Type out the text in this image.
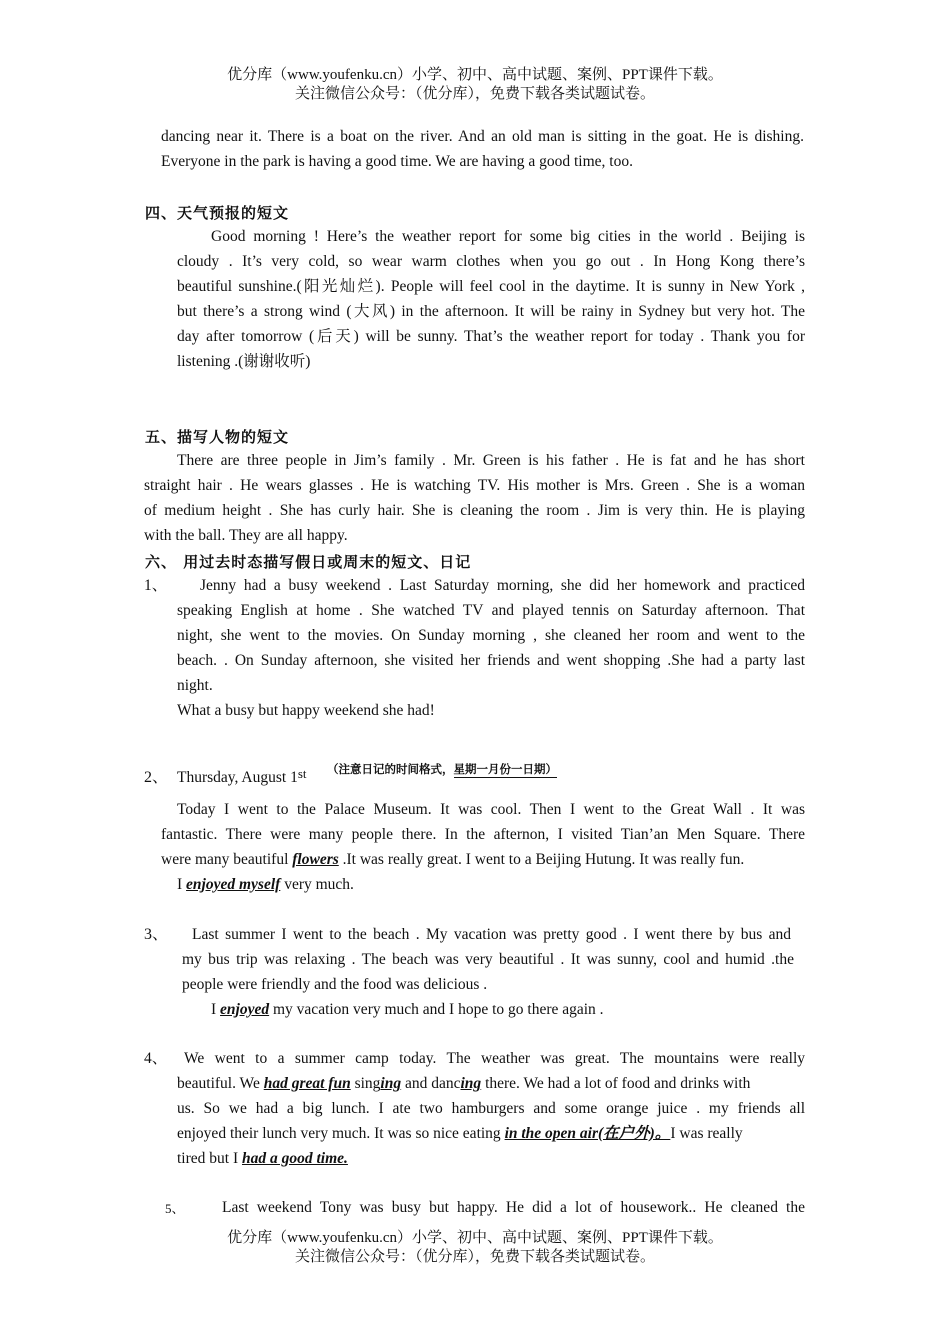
优分库（www.youfenku.cn）小学、初中、高中试题、案例、PPT课件下载。
关注微信公众号：（优分库），免费下载各类试题试卷。
dancing near it. There is a boat on the river. And an old man is sitting in the goat. He is dishing.
Everyone in the park is having a good time. We are having a good time, too.
四、天气预报的短文
Good morning ! Here’s the weather report for some big cities in the world . Beijing is
cloudy . It’s very cold, so wear warm clothes when you go out . In Hong Kong there’s
beautiful sunshine.(阳光灿烂). People will feel cool in the daytime. It is sunny in New York ,
but there’s a strong wind (大风) in the afternoon. It will be rainy in Sydney but very hot. The
day after tomorrow (后天) will be sunny. That’s the weather report for today . Thank you for
listening .(谢谢收听)
五、描写人物的短文
There are three people in Jim’s family . Mr. Green is his father . He is fat and he has short
straight hair . He wears glasses . He is watching TV. His mother is Mrs. Green . She is a woman
of medium height . She has curly hair. She is cleaning the room . Jim is very thin. He is playing
with the ball. They are all happy.
六、 用过去时态描写假日或周末的短文、日记
1、 Jenny had a busy weekend . Last Saturday morning, she did her homework and practiced
speaking English at home . She watched TV and played tennis on Saturday afternoon. That
night, she went to the movies. On Sunday morning , she cleaned her room and went to the
beach. . On Sunday afternoon, she visited her friends and went shopping .She had a party last
night.
What a busy but happy weekend she had!
2、 Thursday, August 1st （注意日记的时间格式，星期一月份一日期）
Today I went to the Palace Museum. It was cool. Then I went to the Great Wall . It was
fantastic. There were many people there. In the afternon, I visited Tian’an Men Square. There
were many beautiful flowers .It was really great. I went to a Beijing Hutung. It was really fun.
I enjoyed myself very much.
3、 Last summer I went to the beach . My vacation was pretty good . I went there by bus and
my bus trip was relaxing . The beach was very beautiful . It was sunny, cool and humid .the
people were friendly and the food was delicious .
I enjoyed my vacation very much and I hope to go there again .
4、 We went to a summer camp today. The weather was great. The mountains were really
beautiful. We had great fun singing and dancing there. We had a lot of food and drinks with
us. So we had a big lunch. I ate two hamburgers and some orange juice . my friends all
enjoyed their lunch very much. It was so nice eating in the open air(在户外)。I was really
tired but I had a good time.
5、 Last weekend Tony was busy but happy. He did a lot of housework.. He cleaned the
优分库（www.youfenku.cn）小学、初中、高中试题、案例、PPT课件下载。
关注微信公众号：（优分库），免费下载各类试题试卷。
